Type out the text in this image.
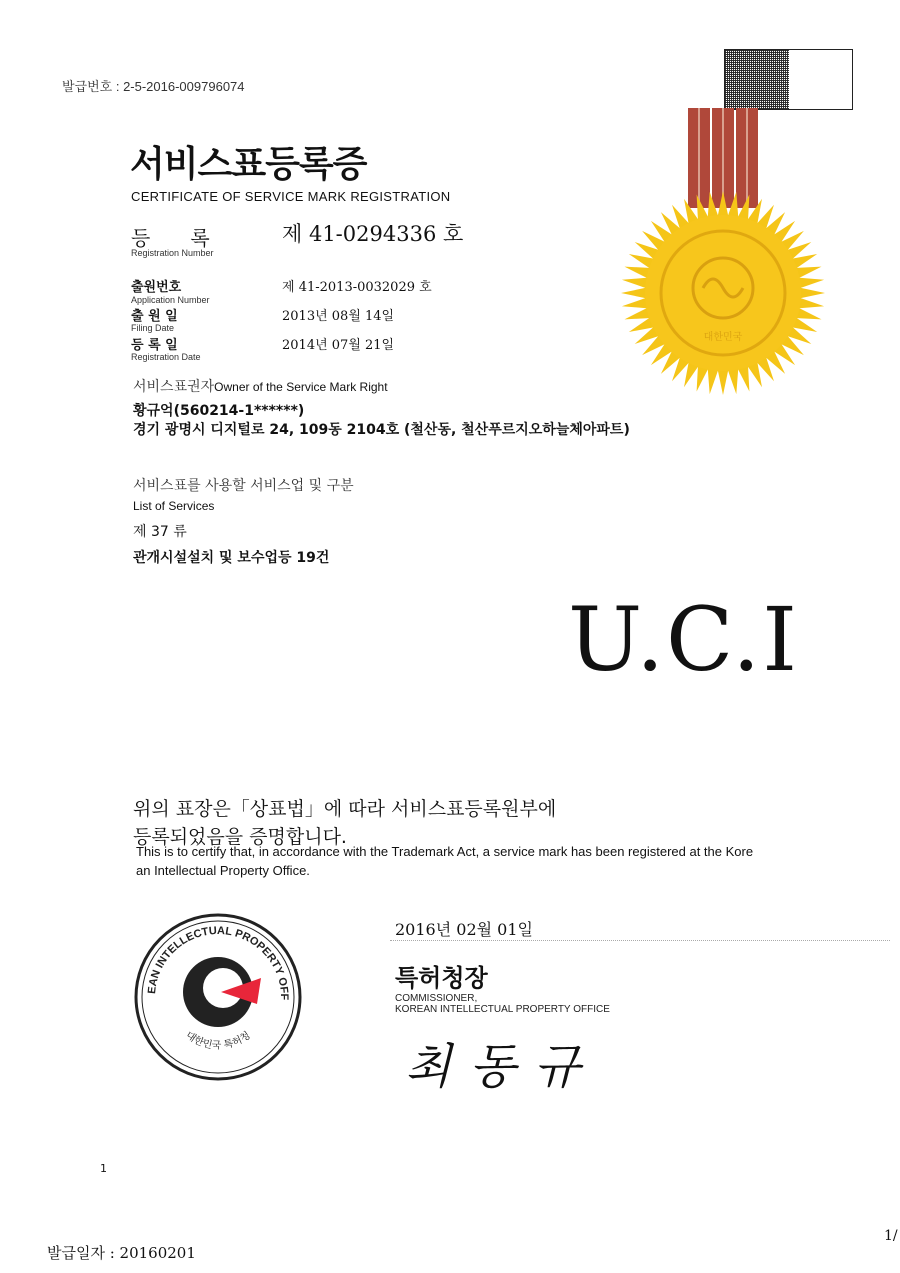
발급번호 : 2-5-2016-009796074
서비스표등록증
CERTIFICATE OF SERVICE MARK REGISTRATION
등　　록
Registration Number
제 41-0294336 호
출원번호
Application Number
제 41-2013-0032029 호
출 원 일
Filing Date
2013년 08월 14일
등 록 일
Registration Date
2014년 07월 21일
서비스표권자Owner of the Service Mark Right
황규억(560214-1******)
경기 광명시 디지털로 24, 109동 2104호 (철산동, 철산푸르지오하늘체아파트)
서비스표를 사용할 서비스업 및 구분
List of Services
제 37 류
관개시설설치 및 보수업등 19건
U.C.I
위의 표장은「상표법」에 따라 서비스표등록원부에
등록되었음을 증명합니다.
This is to certify that, in accordance with the Trademark Act, a service mark has been registered at the Kore
an Intellectual Property Office.
2016년 02월 01일
특허청장
COMMISSIONER,
KOREAN INTELLECTUAL PROPERTY OFFICE
최동규
대한민국
EAN INTELLECTUAL PROPERTY OFF
대한민국 특허청
1
발급일자 : 20160201
1/
